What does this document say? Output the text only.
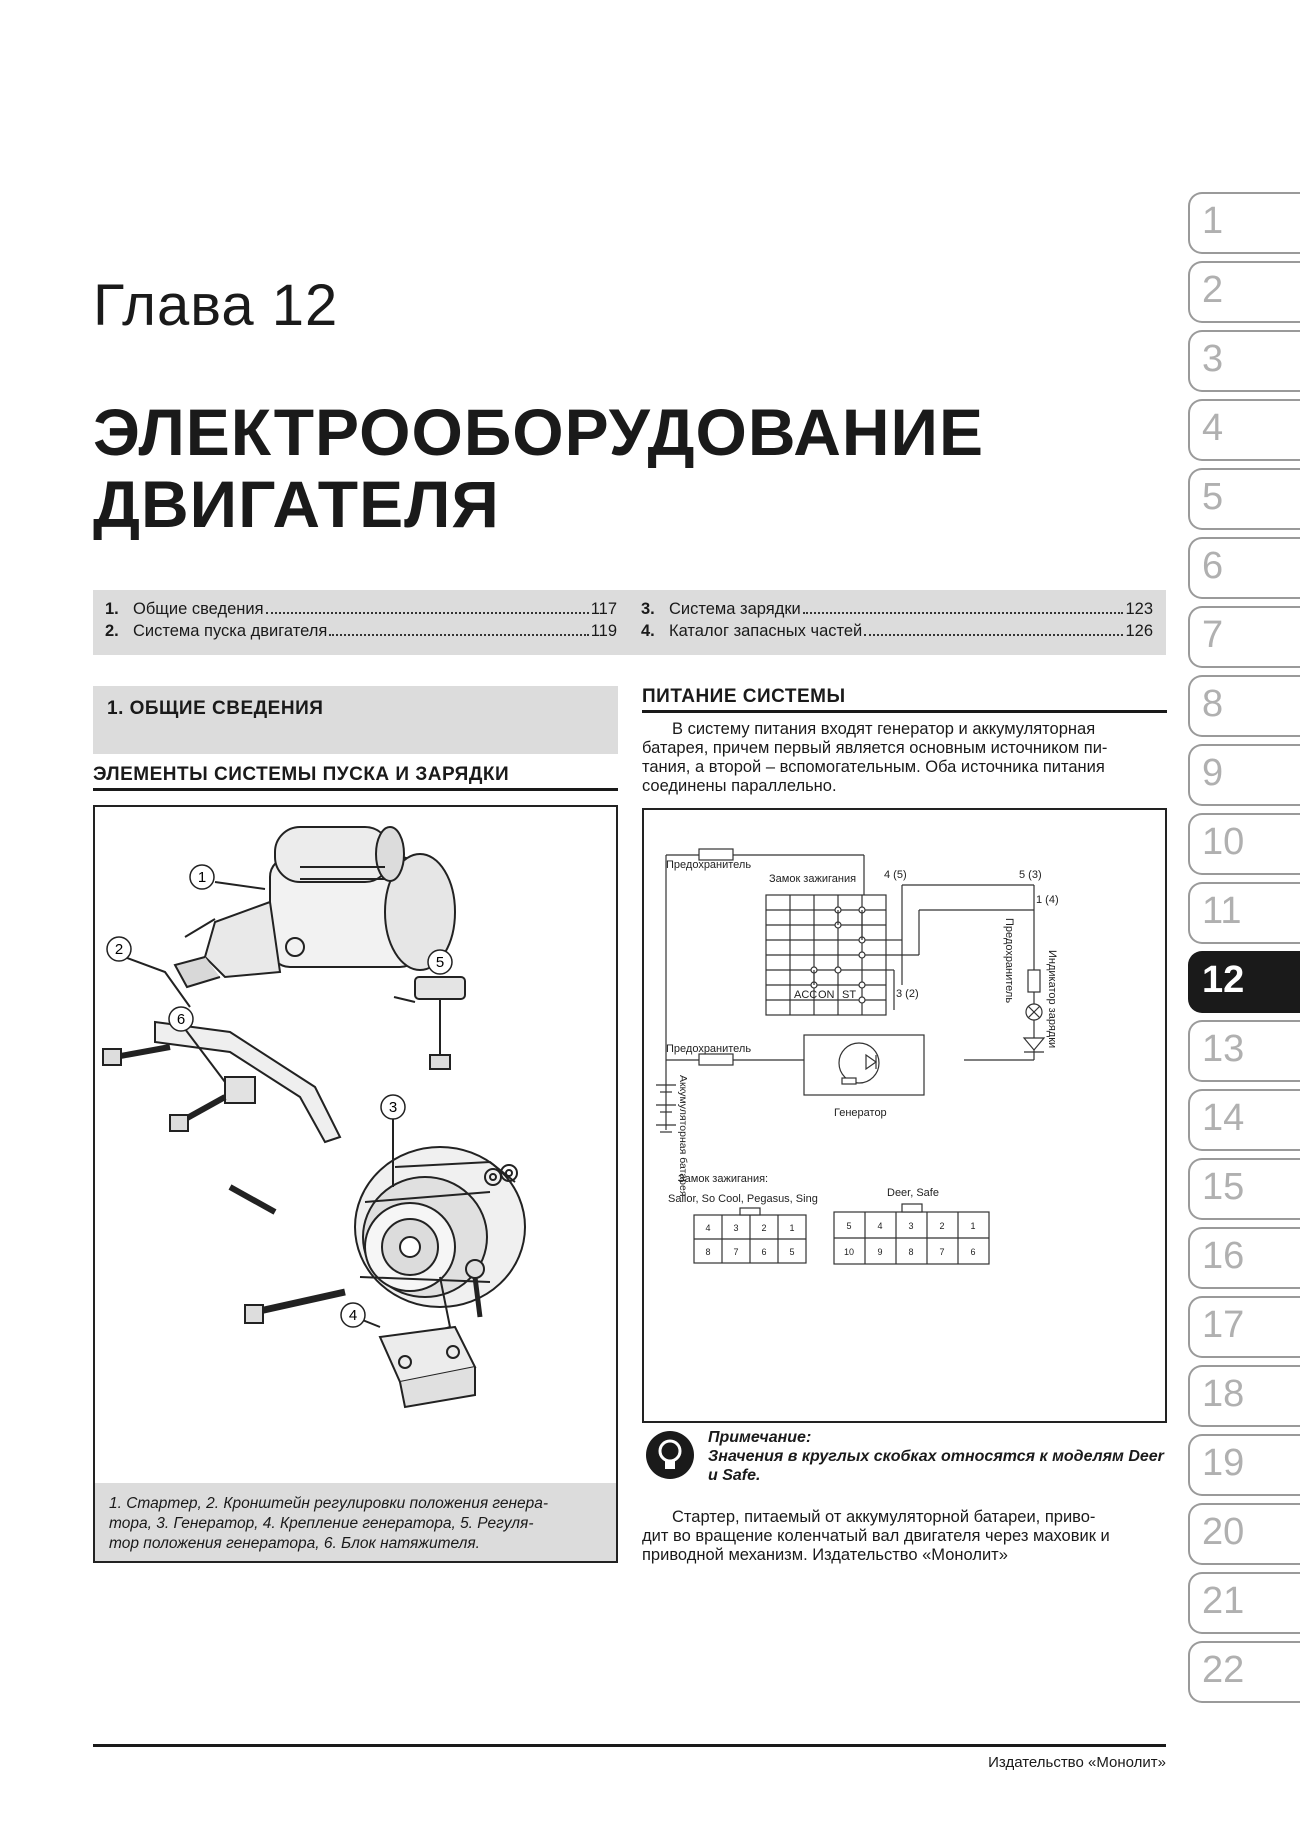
Глава 12
ЭЛЕКТРООБОРУДОВАНИЕ
ДВИГАТЕЛЯ
1. Общие сведения	117
2. Система пуска двигателя	119
3. Система зарядки	123
4. Каталог запасных частей	126
1. ОБЩИЕ СВЕДЕНИЯ
ЭЛЕМЕНТЫ СИСТЕМЫ ПУСКА И ЗАРЯДКИ
1
2
3
4
5
6
1. Стартер, 2. Кронштейн регулировки положения генера-
тора, 3. Генератор, 4. Крепление генератора, 5. Регуля-
тор положения генератора, 6. Блок натяжителя.
ПИТАНИЕ СИСТЕМЫ
В систему питания входят генератор и аккумуляторная
батарея, причем первый является основным источником пи-
тания, а второй – вспомогательным. Оба источника питания
соединены параллельно.
Предохранитель
Замок зажигания	4 (5)	5 (3)
1 (4)
3 (2)
ACC ON ST	Предохранитель	Индикатор зарядки
Предохранитель
Аккумуляторная батарея	Генератор
Замок зажигания:
Sailor, So Cool, Pegasus, Sing	Deer, Safe
4	3	2	1
8	7	6	5
5	4	3	2	1
10	9	8	7	6
Примечание:
Значения в круглых скобках относятся к моделям Deer и Safe.
Стартер, питаемый от аккумуляторной батареи, приво-
дит во вращение коленчатый вал двигателя через маховик и
приводной механизм. Издательство «Монолит»
1
2
3
4
5
6
7
8
9
10
11
12
13
14
15
16
17
18
19
20
21
22
Издательство «Монолит»
